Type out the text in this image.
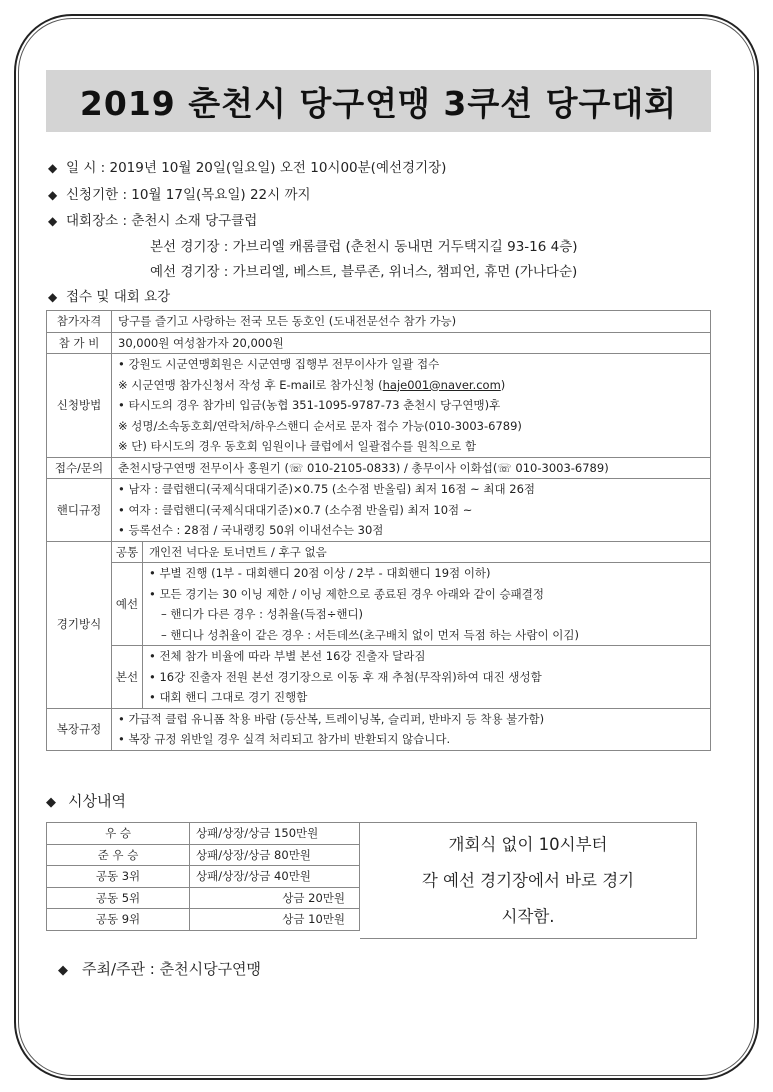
2019 춘천시 당구연맹 3쿠션 당구대회
◆ 일 시 : 2019년 10월 20일(일요일) 오전 10시00분(예선경기장)
◆ 신청기한 : 10월 17일(목요일) 22시 까지
◆ 대회장소 : 춘천시 소재 당구클럽
본선 경기장 : 가브리엘 캐롬클럽 (춘천시 동내면 거두택지길 93-16 4층)
예선 경기장 : 가브리엘, 베스트, 블루존, 위너스, 챔피언, 휴먼 (가나다순)
◆ 접수 및 대회 요강
참가자격	당구를 즐기고 사랑하는 전국 모든 동호인 (도내전문선수 참가 가능)	
참 가 비	30,000원 여성참가자 20,000원	
신청방법	• 강원도 시군연맹회원은 시군연맹 집행부 전무이사가 일괄 접수
※ 시군연맹 참가신청서 작성 후 E-mail로 참가신청 (haje001@naver.com)
• 타시도의 경우 참가비 입금(농협 351-1095-9787-73 춘천시 당구연맹)후
※ 성명/소속동호회/연락처/하우스핸디 순서로 문자 접수 가능(010-3003-6789)
※ 단) 타시도의 경우 동호회 임원이나 클럽에서 일괄접수를 원칙으로 함	

접수/문의	춘천시당구연맹 전무이사 홍원기 (☏ 010-2105-0833) / 총무이사 이화섭(☏ 010-3003-6789)	
핸디규정	• 남자 : 클럽핸디(국제식대대기준)×0.75 (소수점 반올림) 최저 16점 ~ 최대 26점
• 여자 : 클럽핸디(국제식대대기준)×0.7 (소수점 반올림) 최저 10점 ~
• 등록선수 : 28점 / 국내랭킹 50위 이내선수는 30점	

경기방식	공통	개인전 넉다운 토너먼트 / 후구 없음
	예선	• 부별 진행 (1부 - 대회핸디 20점 이상 / 2부 - 대회핸디 19점 이하)
• 모든 경기는 30 이닝 제한 / 이닝 제한으로 종료된 경우 아래와 같이 승패결정
– 핸디가 다른 경우 : 성취율(득점÷핸디)
– 핸디나 성취율이 같은 경우 : 서든데쓰(초구배치 없이 먼저 득점 하는 사람이 이김)

	본선	• 전체 참가 비율에 따라 부별 본선 16강 진출자 달라짐
• 16강 진출자 전원 본선 경기장으로 이동 후 재 추첨(무작위)하여 대진 생성함
• 대회 핸디 그대로 경기 진행함

복장규정	• 가급적 클럽 유니폼 착용 바람 (등산복, 트레이닝복, 슬리퍼, 반바지 등 착용 불가함)
• 복장 규정 위반일 경우 실격 처리되고 참가비 반환되지 않습니다.	
◆ 시상내역
우 승	상패/상장/상금 150만원
준 우 승	상패/상장/상금 80만원
공동 3위	상패/상장/상금 40만원
공동 5위	상금 20만원
공동 9위	상금 10만원
개회식 없이 10시부터
각 예선 경기장에서 바로 경기
시작함.
◆ 주최/주관 : 춘천시당구연맹
